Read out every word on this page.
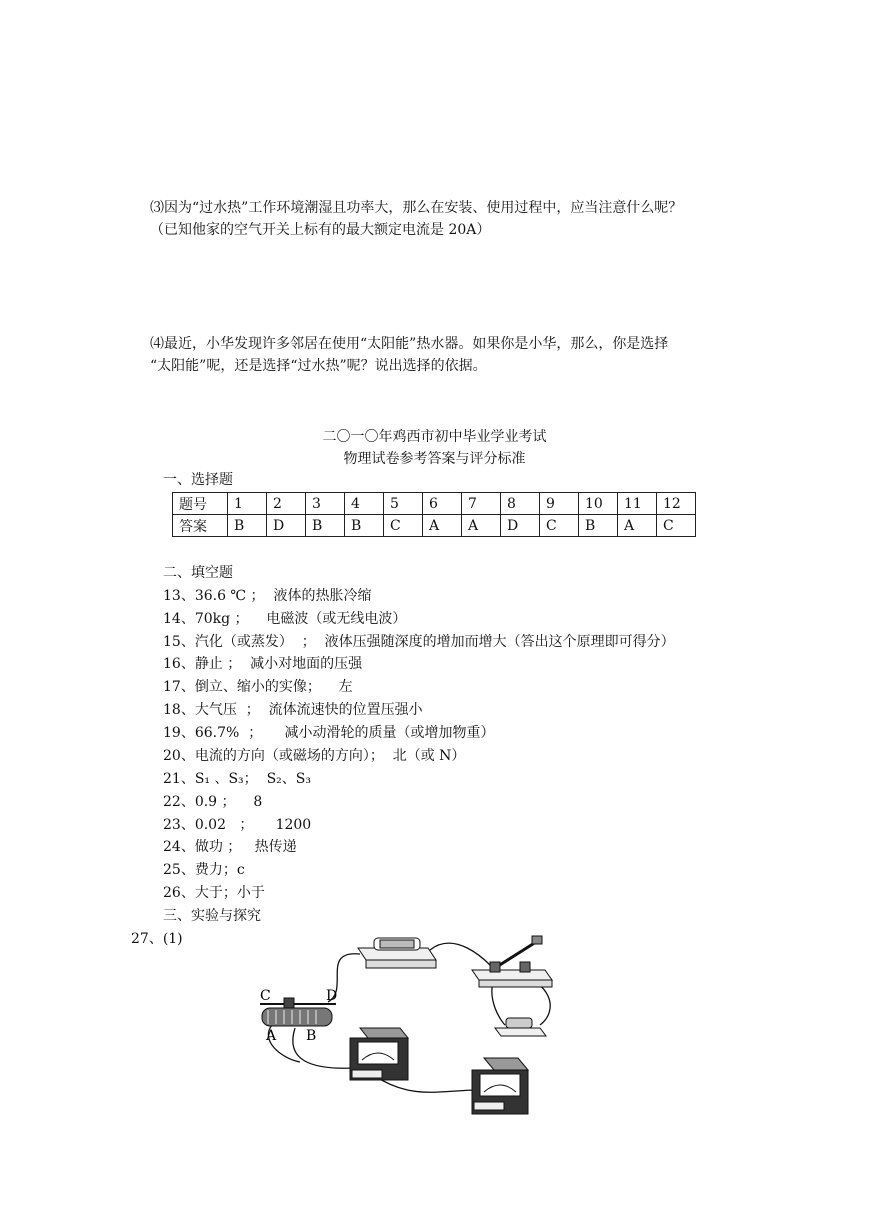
⑶因为“过水热”工作环境潮湿且功率大，那么在安装、使用过程中，应当注意什么呢？
（已知他家的空气开关上标有的最大额定电流是 20A）
⑷最近，小华发现许多邻居在使用“太阳能”热水器。如果你是小华，那么，你是选择
“太阳能”呢，还是选择“过水热”呢？说出选择的依据。
二〇一〇年鸡西市初中毕业学业考试
物理试卷参考答案与评分标准
一、选择题
题号	1	2	3	4	5	6	7	8	9	10	11	12
答案	B	D	B	B	C	A	A	D	C	B	A	C
二、填空题
13、36.6 ℃ ；  液体的热胀冷缩
14、70kg ；    电磁波（或无线电波）
15、汽化（或蒸发）  ；  液体压强随深度的增加而增大（答出这个原理即可得分）
16、静止 ；  减小对地面的压强
17、倒立、缩小的实像；    左
18、大气压  ；  流体流速快的位置压强小
19、66.7%  ；     减小动滑轮的质量（或增加物重）
20、电流的方向（或磁场的方向）；  北（或 N）
21、S₁ 、S₃；  S₂、S₃
22、0.9 ；    8
23、0.02   ；     1200
24、做功 ；   热传递
25、费力；c
26、大于；小于
三、实验与探究
27、(1)
C	D
A B
